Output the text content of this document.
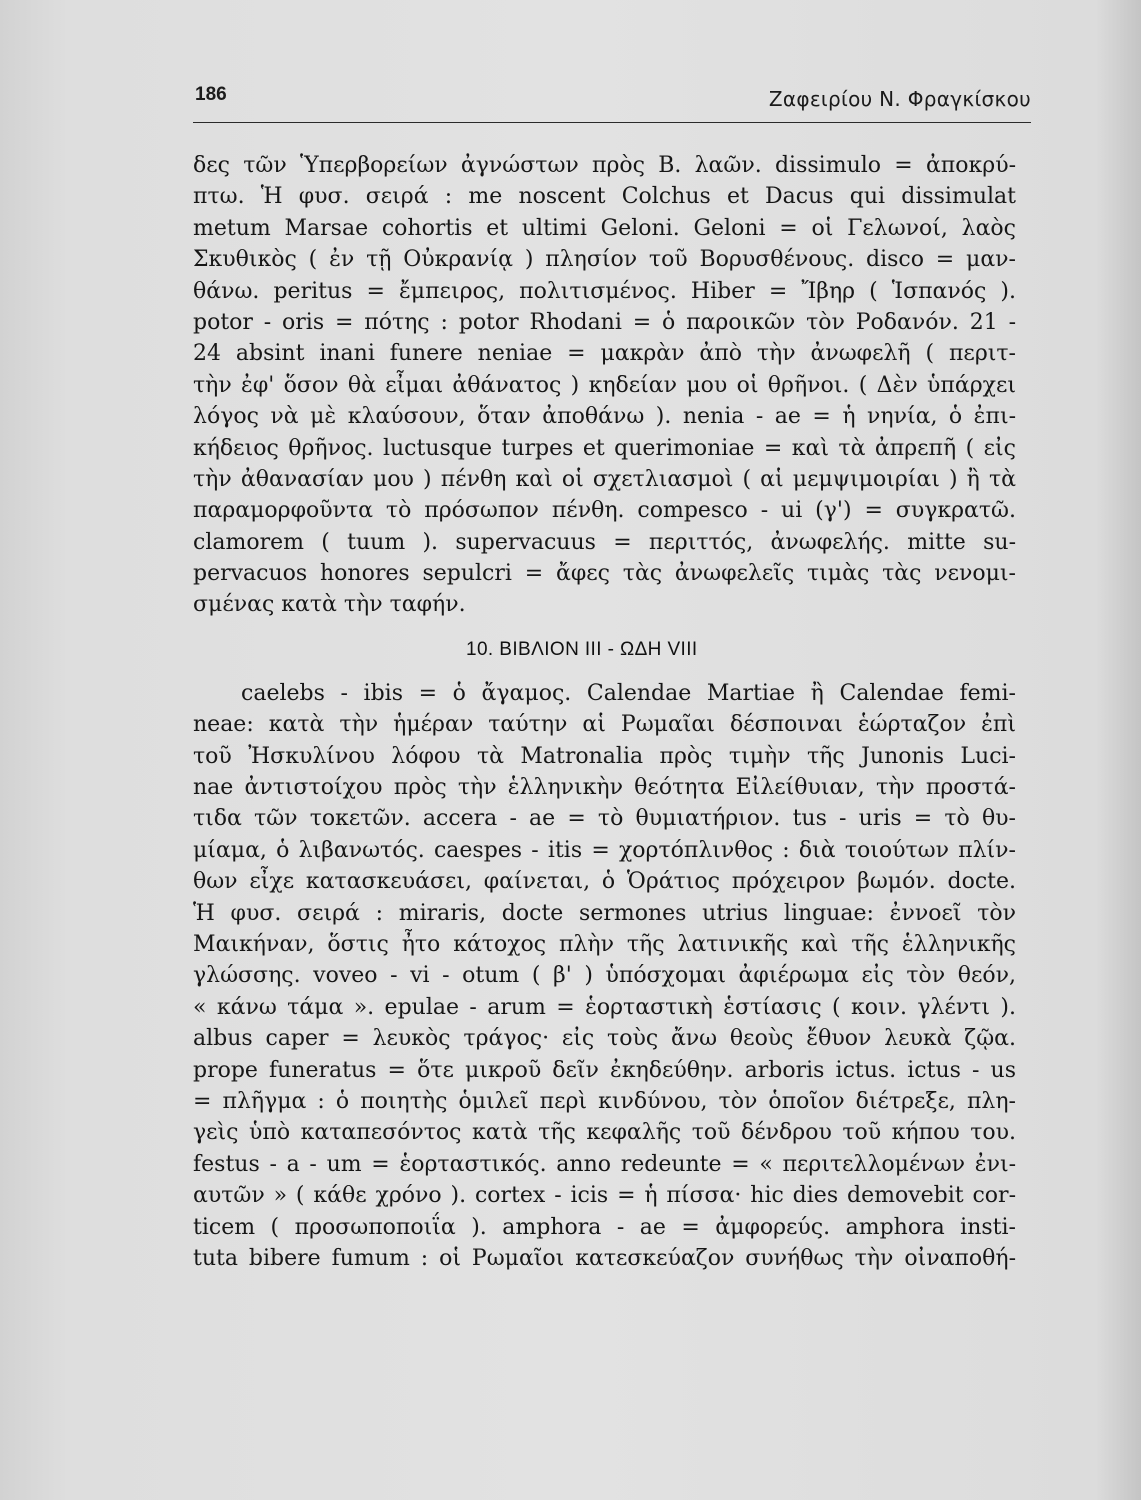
186	Ζαφειρίου Ν. Φραγκίσκου
δες τῶν Ὑπερβορείων ἀγνώστων πρὸς Β. λαῶν. dissimulo = ἀποκρύ-
πτω. Ἡ φυσ. σειρά : me noscent Colchus et Dacus qui dissimulat
metum Marsae cohortis et ultimi Geloni. Geloni = οἱ Γελωνοί, λαὸς
Σκυθικὸς ( ἐν τῇ Οὐκρανίᾳ ) πλησίον τοῦ Βορυσθένους. disco = μαν-
θάνω. peritus = ἔμπειρος, πολιτισμένος. Hiber = Ἴβηρ ( Ἱσπανός ).
potor - oris = πότης : potor Rhodani = ὁ παροικῶν τὸν Ροδανόν. 21 -
24 absint inani funere neniae = μακρὰν ἀπὸ τὴν ἀνωφελῆ ( περιτ-
τὴν ἐφ' ὅσον θὰ εἶμαι ἀθάνατος ) κηδείαν μου οἱ θρῆνοι. ( Δὲν ὑπάρχει
λόγος νὰ μὲ κλαύσουν, ὅταν ἀποθάνω ). nenia - ae = ἡ νηνία, ὁ ἐπι-
κήδειος θρῆνος. luctusque turpes et querimoniae = καὶ τὰ ἀπρεπῆ ( εἰς
τὴν ἀθανασίαν μου ) πένθη καὶ οἱ σχετλιασμοὶ ( αἱ μεμψιμοιρίαι ) ἢ τὰ
παραμορφοῦντα τὸ πρόσωπον πένθη. compesco - ui (γ') = συγκρατῶ.
clamorem ( tuum ). supervacuus = περιττός, ἀνωφελής. mitte su-
pervacuos honores sepulcri = ἄφες τὰς ἀνωφελεῖς τιμὰς τὰς νενομι-
σμένας κατὰ τὴν ταφήν.
10. ΒΙΒΛΙΟΝ III - ΩΔΗ VIII
caelebs - ibis = ὁ ἄγαμος. Calendae Martiae ἢ Calendae femi-
neae: κατὰ τὴν ἡμέραν ταύτην αἱ Ρωμαῖαι δέσποιναι ἑώρταζον ἐπὶ
τοῦ Ἠσκυλίνου λόφου τὰ Matronalia πρὸς τιμὴν τῆς Junonis Luci-
nae ἀντιστοίχου πρὸς τὴν ἑλληνικὴν θεότητα Εἰλείθυιαν, τὴν προστά-
τιδα τῶν τοκετῶν. accera - ae = τὸ θυμιατήριον. tus - uris = τὸ θυ-
μίαμα, ὁ λιβανωτός. caespes - itis = χορτόπλινθος : διὰ τοιούτων πλίν-
θων εἶχε κατασκευάσει, φαίνεται, ὁ Ὁράτιος πρόχειρον βωμόν. docte.
Ἡ φυσ. σειρά : miraris, docte sermones utrius linguae: ἐννοεῖ τὸν
Μαικήναν, ὅστις ἦτο κάτοχος πλὴν τῆς λατινικῆς καὶ τῆς ἑλληνικῆς
γλώσσης. voveo - vi - otum ( β' ) ὑπόσχομαι ἀφιέρωμα εἰς τὸν θεόν,
« κάνω τάμα ». epulae - arum = ἑορταστικὴ ἑστίασις ( κοιν. γλέντι ).
albus caper = λευκὸς τράγος· εἰς τοὺς ἄνω θεοὺς ἔθυον λευκὰ ζῷα.
prope funeratus = ὅτε μικροῦ δεῖν ἐκηδεύθην. arboris ictus. ictus - us
= πλῆγμα : ὁ ποιητὴς ὁμιλεῖ περὶ κινδύνου, τὸν ὁποῖον διέτρεξε, πλη-
γεὶς ὑπὸ καταπεσόντος κατὰ τῆς κεφαλῆς τοῦ δένδρου τοῦ κήπου του.
festus - a - um = ἑορταστικός. anno redeunte = « περιτελλομένων ἐνι-
αυτῶν » ( κάθε χρόνο ). cortex - icis = ἡ πίσσα· hic dies demovebit cor-
ticem ( προσωποποιΐα ). amphora - ae = ἀμφορεύς. amphora insti-
tuta bibere fumum : οἱ Ρωμαῖοι κατεσκεύαζον συνήθως τὴν οἰναποθή-
